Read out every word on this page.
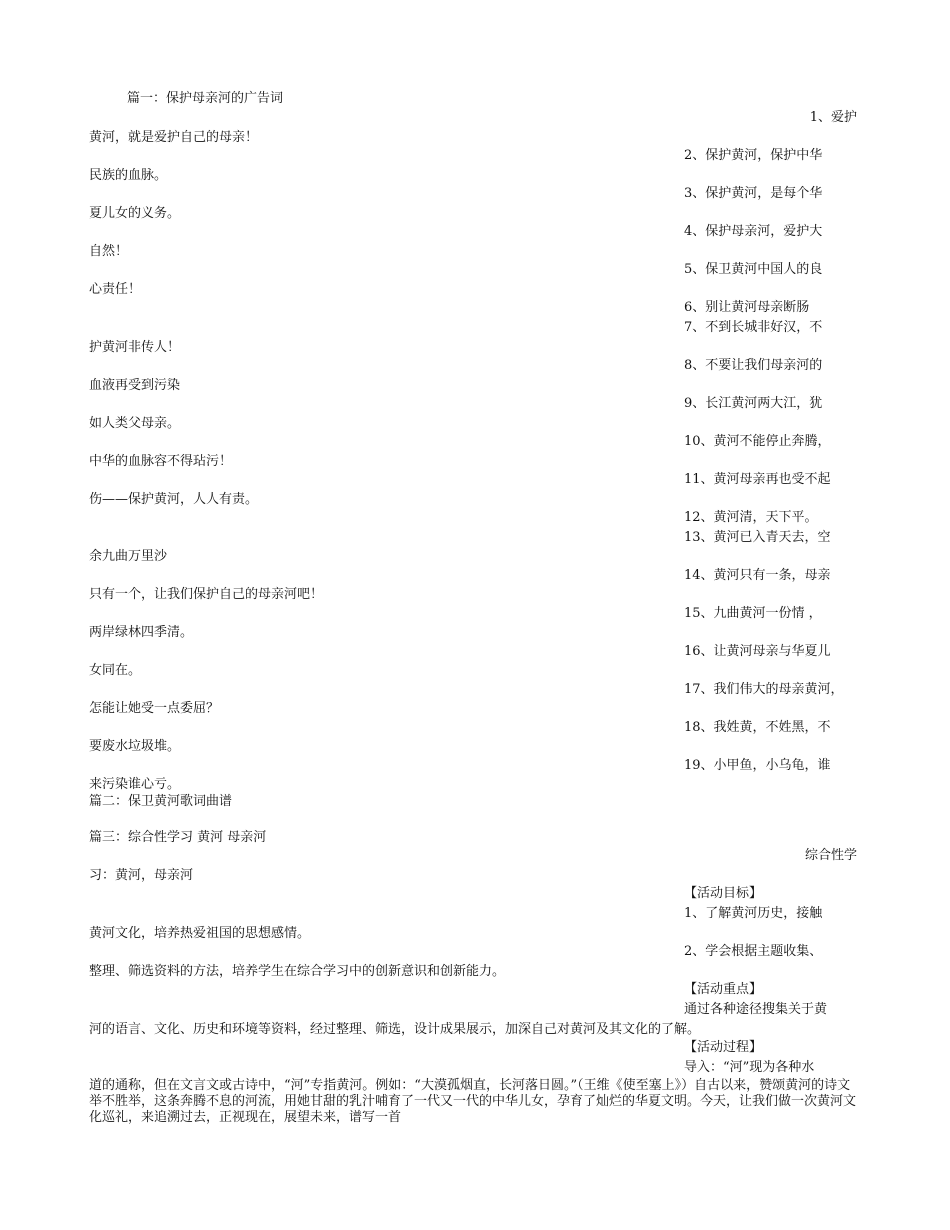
篇一：保护母亲河的广告词
黄河，就是爱护自己的母亲！
民族的血脉。
夏儿女的义务。
自然！
心责任！
护黄河非传人！
血液再受到污染
如人类父母亲。
中华的血脉容不得玷污！
伤——保护黄河，人人有责。
余九曲万里沙
只有一个，让我们保护自己的母亲河吧！
两岸绿林四季清。
女同在。
怎能让她受一点委屈？
要废水垃圾堆。
来污染谁心亏。
篇二：保卫黄河歌词曲谱
篇三：综合性学习 黄河 母亲河
习：黄河，母亲河
黄河文化，培养热爱祖国的思想感情。
整理、筛选资料的方法，培养学生在综合学习中的创新意识和创新能力。
河的语言、文化、历史和环境等资料，经过整理、筛选，设计成果展示，加深自己对黄河及其文化的了解。
道的通称，但在文言文或古诗中，“河”专指黄河。例如：“大漠孤烟直，长河落日圆。”（王维《使至塞上》）自古以来，赞颂黄河的诗文举不胜举，这条奔腾不息的河流，用她甘甜的乳汁哺育了一代又一代的中华儿女，孕育了灿烂的华夏文明。今天，让我们做一次黄河文化巡礼，来追溯过去，正视现在，展望未来，谱写一首
1、爱护
2、保护黄河，保护中华
3、保护黄河，是每个华
4、保护母亲河，爱护大
5、保卫黄河中国人的良
6、别让黄河母亲断肠
7、不到长城非好汉，不
8、不要让我们母亲河的
9、长江黄河两大江，犹
10、黄河不能停止奔腾，
11、黄河母亲再也受不起
12、黄河清，天下平。
13、黄河已入青天去，空
14、黄河只有一条，母亲
15、九曲黄河一份情 ，
16、让黄河母亲与华夏儿
17、我们伟大的母亲黄河，
18、我姓黄，不姓黑，不
19、小甲鱼，小乌龟，谁
综合性学
【活动目标】
1、了解黄河历史，接触
2、学会根据主题收集、
【活动重点】
通过各种途径搜集关于黄
【活动过程】
导入：“河”现为各种水
